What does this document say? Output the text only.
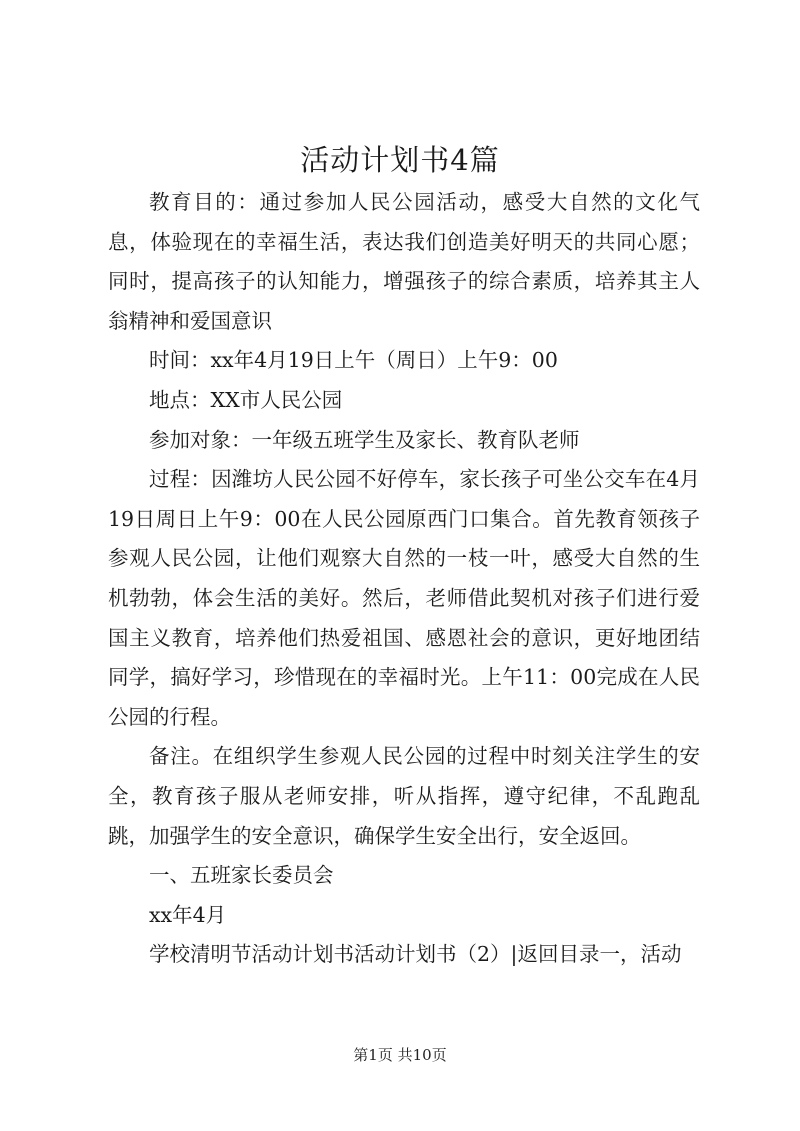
活动计划书4篇

教育目的：通过参加人民公园活动，感受大自然的文化气息，体验现在的幸福生活，表达我们创造美好明天的共同心愿；同时，提高孩子的认知能力，增强孩子的综合素质，培养其主人翁精神和爱国意识

时间：xx年4月19日上午（周日）上午9：00

地点：XX市人民公园

参加对象：一年级五班学生及家长、教育队老师

过程：因潍坊人民公园不好停车，家长孩子可坐公交车在4月19日周日上午9：00在人民公园原西门口集合。首先教育领孩子参观人民公园，让他们观察大自然的一枝一叶，感受大自然的生机勃勃，体会生活的美好。然后，老师借此契机对孩子们进行爱国主义教育，培养他们热爱祖国、感恩社会的意识，更好地团结同学，搞好学习，珍惜现在的幸福时光。上午11：00完成在人民公园的行程。

备注。在组织学生参观人民公园的过程中时刻关注学生的安全，教育孩子服从老师安排，听从指挥，遵守纪律，不乱跑乱跳，加强学生的安全意识，确保学生安全出行，安全返回。

一、五班家长委员会

xx年4月

学校清明节活动计划书活动计划书（2）|返回目录一，活动

第1页 共10页
